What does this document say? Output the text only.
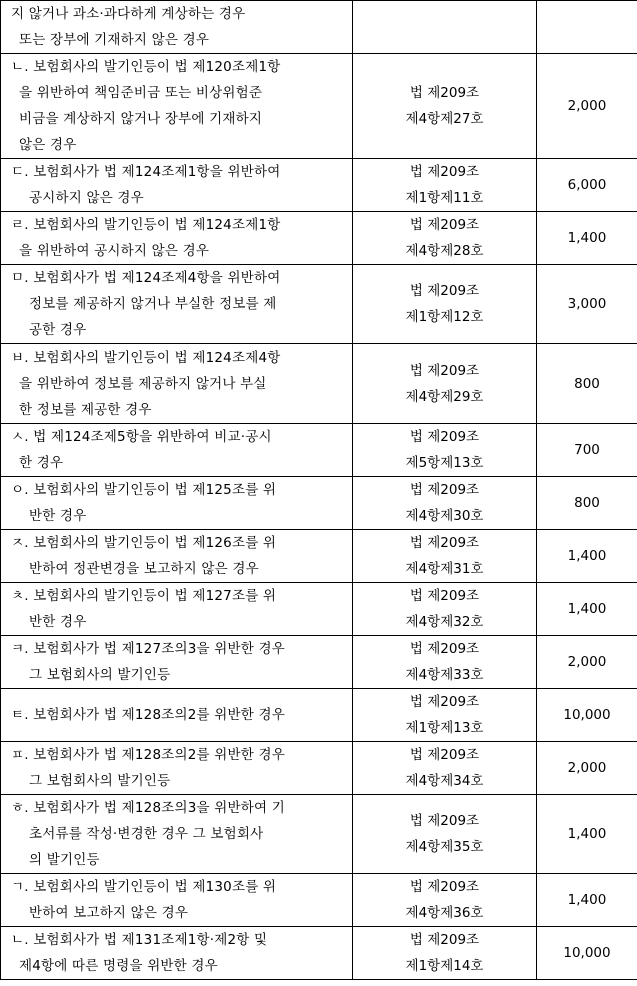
지 않거나 과소·과다하게 계상하는 경우
또는 장부에 기재하지 않은 경우		

ㄴ. 보험회사의 발기인등이 법 제120조제1항
을 위반하여 책임준비금 또는 비상위험준
비금을 계상하지 않거나 장부에 기재하지
않은 경우	법 제209조
제4항제27호	2,000

ㄷ. 보험회사가 법 제124조제1항을 위반하여
공시하지 않은 경우	법 제209조
제1항제11호	6,000

ㄹ. 보험회사의 발기인등이 법 제124조제1항
을 위반하여 공시하지 않은 경우	법 제209조
제4항제28호	1,400

ㅁ. 보험회사가 법 제124조제4항을 위반하여
정보를 제공하지 않거나 부실한 정보를 제
공한 경우	법 제209조
제1항제12호	3,000

ㅂ. 보험회사의 발기인등이 법 제124조제4항
을 위반하여 정보를 제공하지 않거나 부실
한 정보를 제공한 경우	법 제209조
제4항제29호	800

ㅅ. 법 제124조제5항을 위반하여 비교·공시
한 경우	법 제209조
제5항제13호	700

ㅇ. 보험회사의 발기인등이 법 제125조를 위
반한 경우	법 제209조
제4항제30호	800

ㅈ. 보험회사의 발기인등이 법 제126조를 위
반하여 정관변경을 보고하지 않은 경우	법 제209조
제4항제31호	1,400

ㅊ. 보험회사의 발기인등이 법 제127조를 위
반한 경우	법 제209조
제4항제32호	1,400

ㅋ. 보험회사가 법 제127조의3을 위반한 경우
그 보험회사의 발기인등	법 제209조
제4항제33호	2,000

ㅌ. 보험회사가 법 제128조의2를 위반한 경우	법 제209조
제1항제13호	10,000

ㅍ. 보험회사가 법 제128조의2를 위반한 경우
그 보험회사의 발기인등	법 제209조
제4항제34호	2,000

ㅎ. 보험회사가 법 제128조의3을 위반하여 기
초서류를 작성·변경한 경우 그 보험회사
의 발기인등	법 제209조
제4항제35호	1,400

ㄱ. 보험회사의 발기인등이 법 제130조를 위
반하여 보고하지 않은 경우	법 제209조
제4항제36호	1,400

ㄴ. 보험회사가 법 제131조제1항·제2항 및
제4항에 따른 명령을 위반한 경우	법 제209조
제1항제14호	10,000
